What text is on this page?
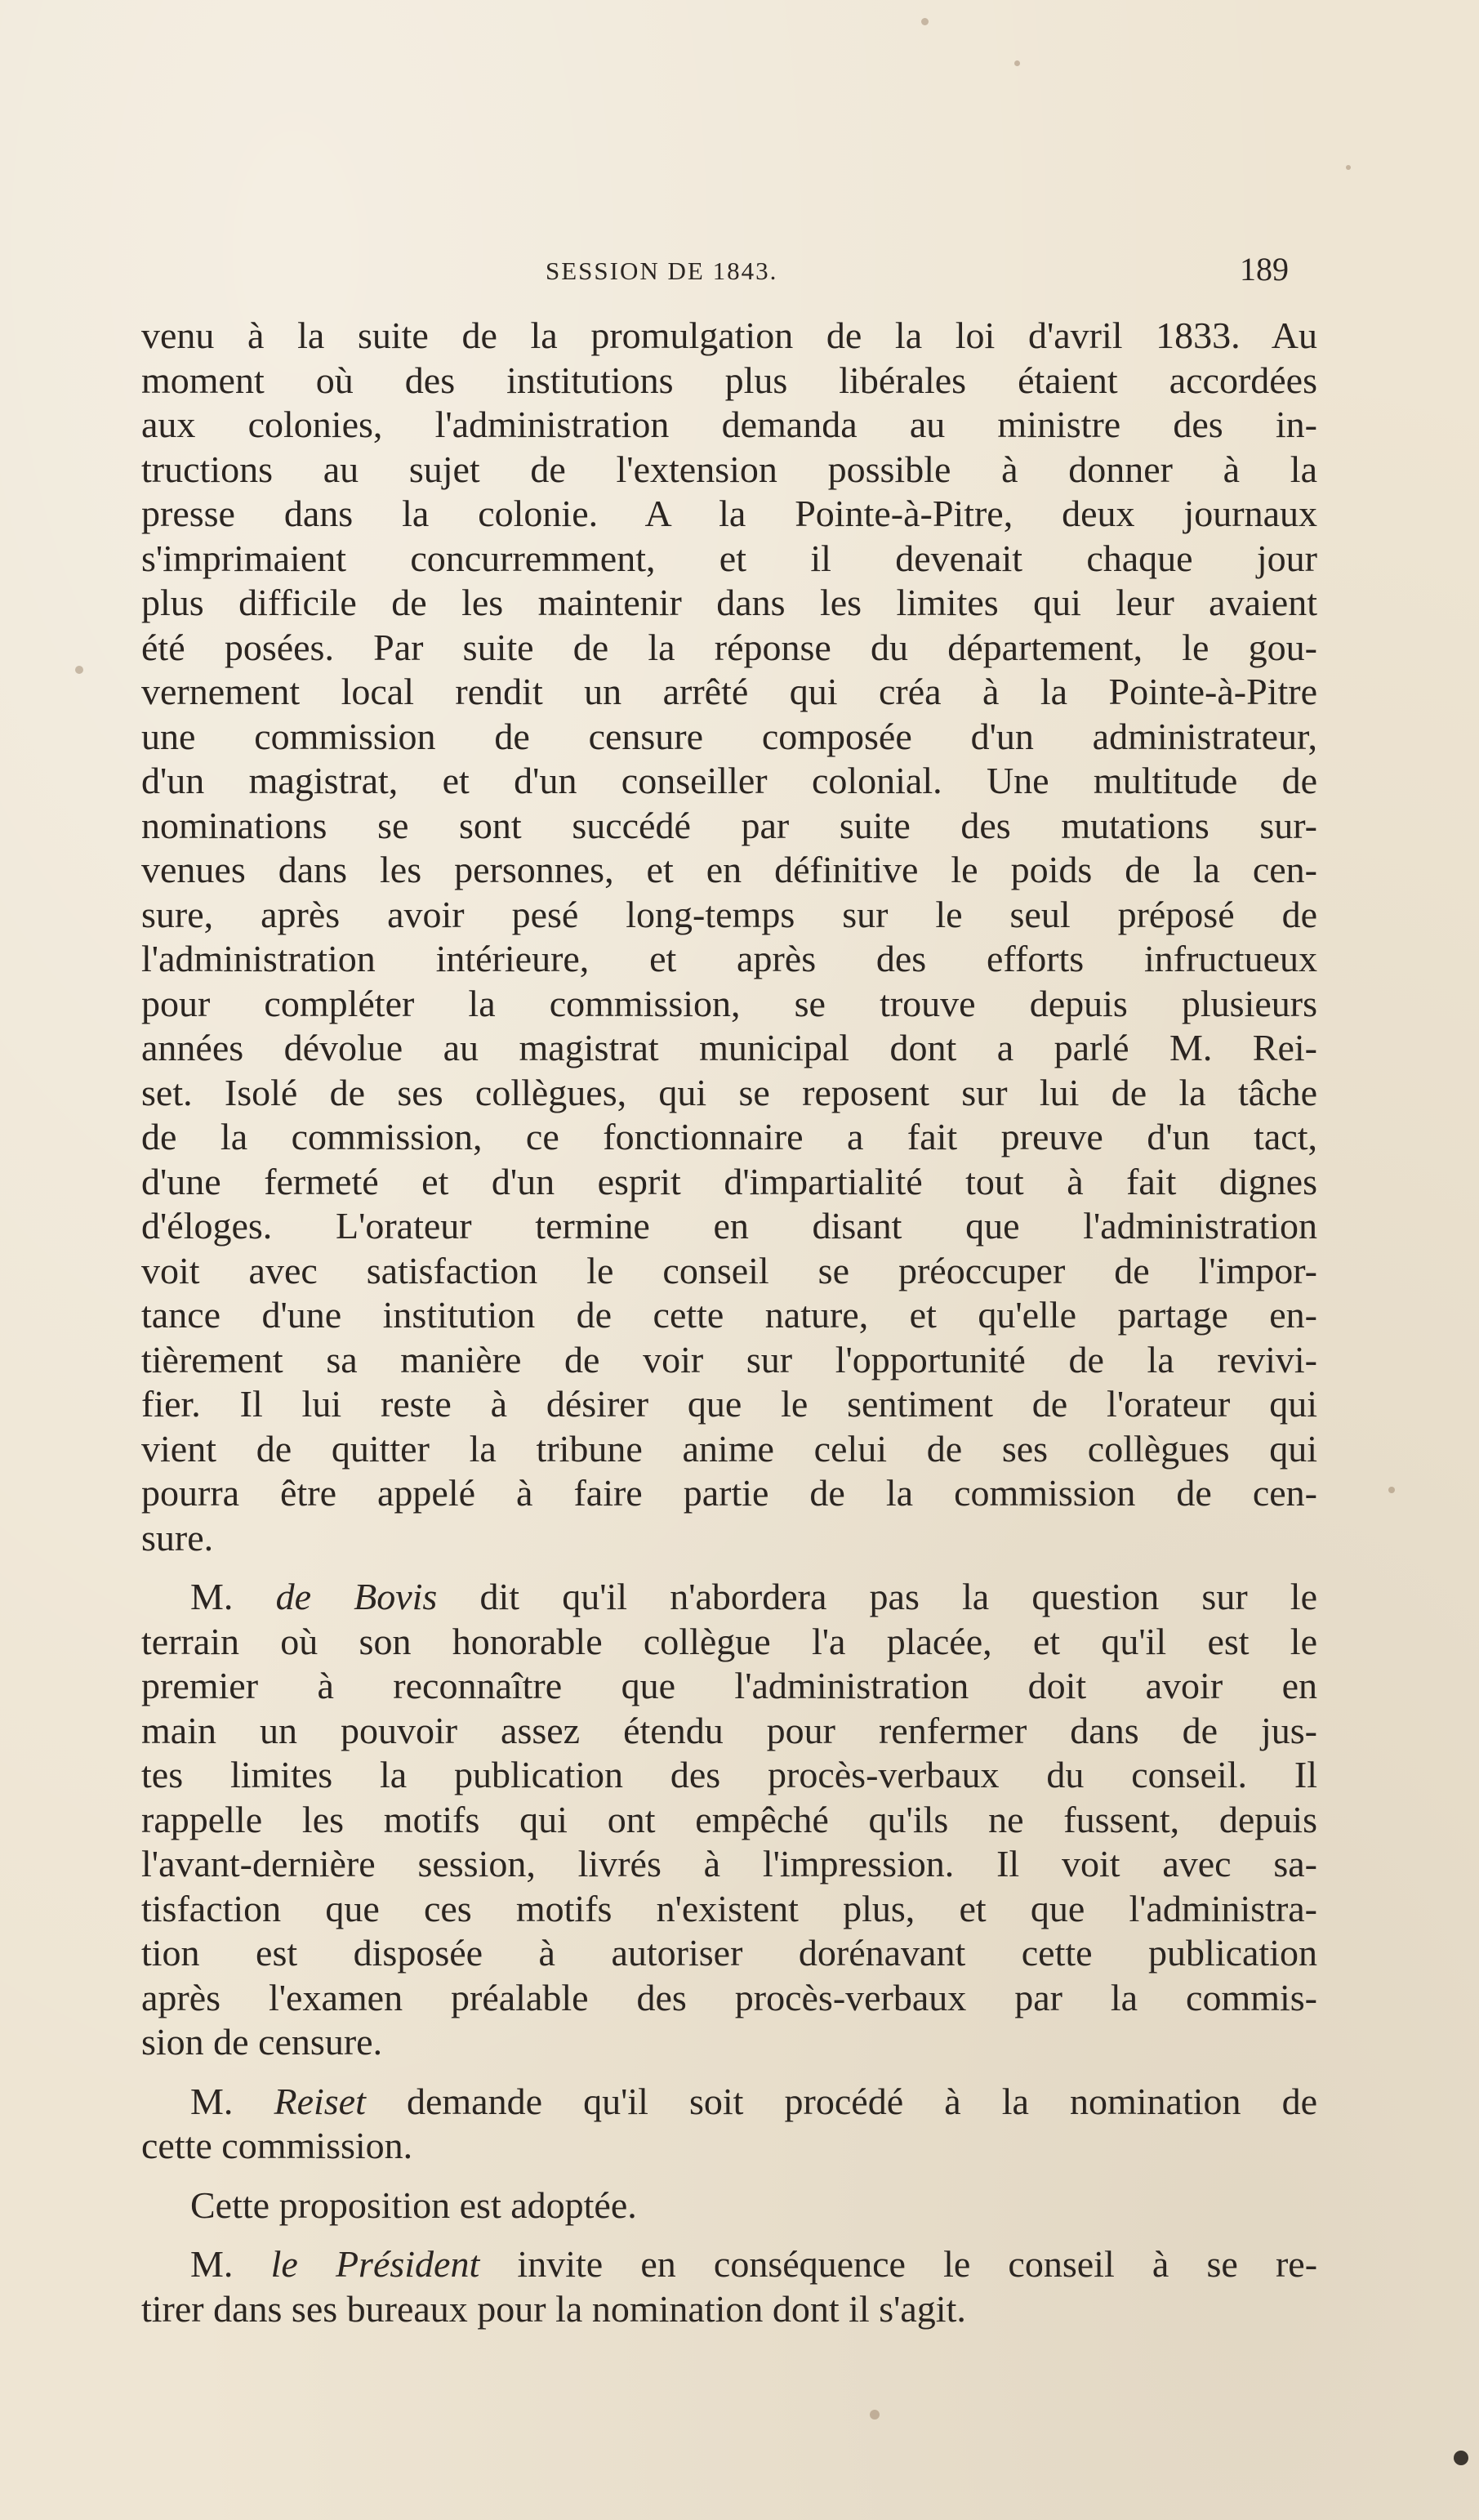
SESSION DE 1843.	189
venu à la suite de la promulgation de la loi d'avril 1833. Au
moment où des institutions plus libérales étaient accordées
aux colonies, l'administration demanda au ministre des in-
tructions au sujet de l'extension possible à donner à la
presse dans la colonie. A la Pointe-à-Pitre, deux journaux
s'imprimaient concurremment, et il devenait chaque jour
plus difficile de les maintenir dans les limites qui leur avaient
été posées. Par suite de la réponse du département, le gou-
vernement local rendit un arrêté qui créa à la Pointe-à-Pitre
une commission de censure composée d'un administrateur,
d'un magistrat, et d'un conseiller colonial. Une multitude de
nominations se sont succédé par suite des mutations sur-
venues dans les personnes, et en définitive le poids de la cen-
sure, après avoir pesé long-temps sur le seul préposé de
l'administration intérieure, et après des efforts infructueux
pour compléter la commission, se trouve depuis plusieurs
années dévolue au magistrat municipal dont a parlé M. Rei-
set. Isolé de ses collègues, qui se reposent sur lui de la tâche
de la commission, ce fonctionnaire a fait preuve d'un tact,
d'une fermeté et d'un esprit d'impartialité tout à fait dignes
d'éloges. L'orateur termine en disant que l'administration
voit avec satisfaction le conseil se préoccuper de l'impor-
tance d'une institution de cette nature, et qu'elle partage en-
tièrement sa manière de voir sur l'opportunité de la revivi-
fier. Il lui reste à désirer que le sentiment de l'orateur qui
vient de quitter la tribune anime celui de ses collègues qui
pourra être appelé à faire partie de la commission de cen-
sure.
M. de Bovis dit qu'il n'abordera pas la question sur le
terrain où son honorable collègue l'a placée, et qu'il est le
premier à reconnaître que l'administration doit avoir en
main un pouvoir assez étendu pour renfermer dans de jus-
tes limites la publication des procès-verbaux du conseil. Il
rappelle les motifs qui ont empêché qu'ils ne fussent, depuis
l'avant-dernière session, livrés à l'impression. Il voit avec sa-
tisfaction que ces motifs n'existent plus, et que l'administra-
tion est disposée à autoriser dorénavant cette publication
après l'examen préalable des procès-verbaux par la commis-
sion de censure.
M. Reiset demande qu'il soit procédé à la nomination de
cette commission.
Cette proposition est adoptée.
M. le Président invite en conséquence le conseil à se re-
tirer dans ses bureaux pour la nomination dont il s'agit.
